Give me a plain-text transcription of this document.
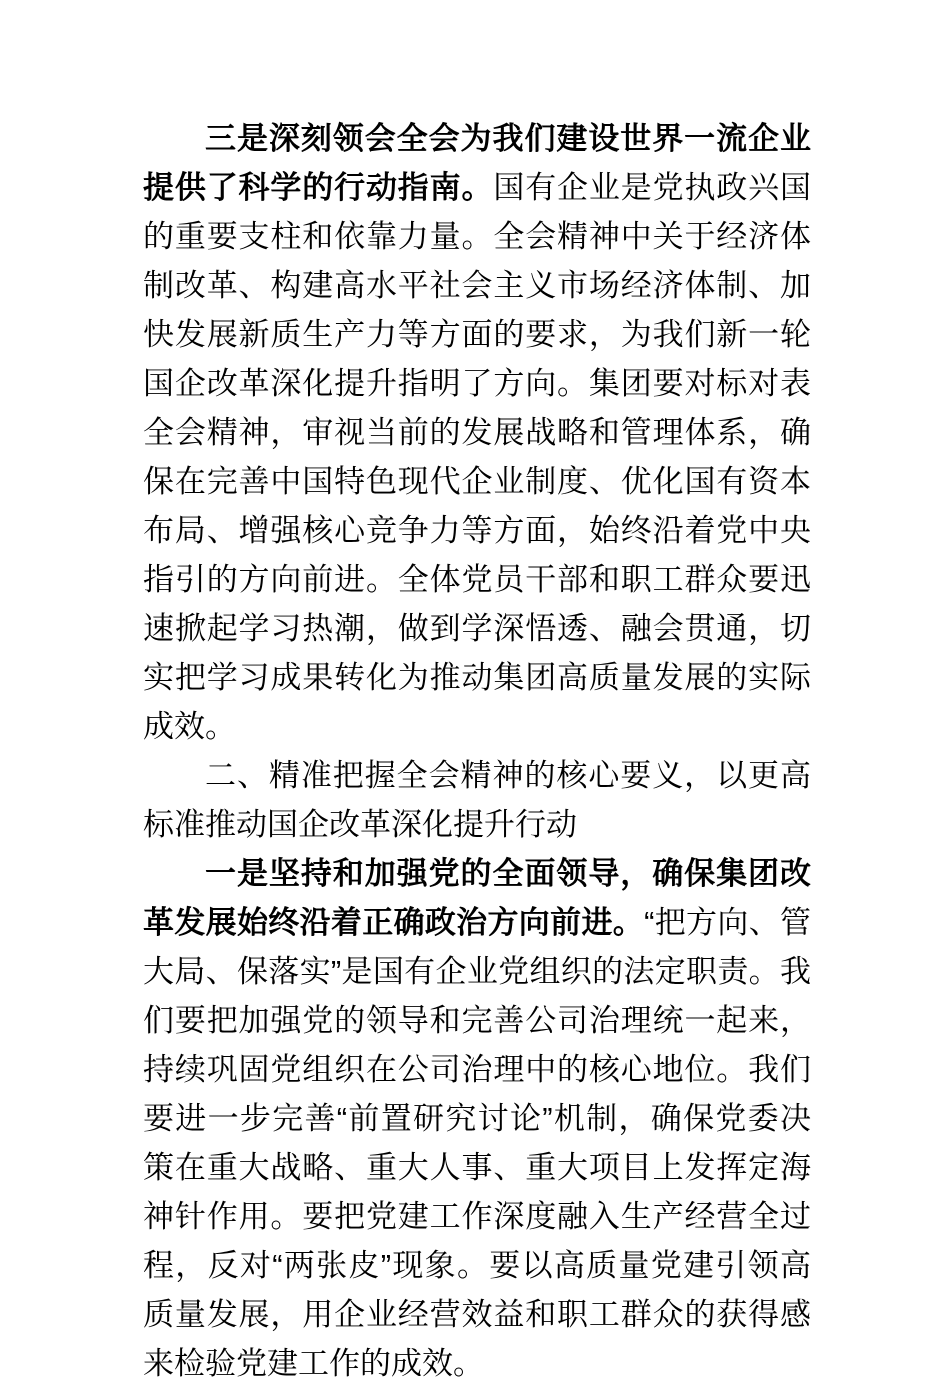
三是深刻领会全会为我们建设世界一流企业提供了科学的行动指南。国有企业是党执政兴国的重要支柱和依靠力量。全会精神中关于经济体制改革、构建高水平社会主义市场经济体制、加快发展新质生产力等方面的要求，为我们新一轮国企改革深化提升指明了方向。集团要对标对表全会精神，审视当前的发展战略和管理体系，确保在完善中国特色现代企业制度、优化国有资本布局、增强核心竞争力等方面，始终沿着党中央指引的方向前进。全体党员干部和职工群众要迅速掀起学习热潮，做到学深悟透、融会贯通，切实把学习成果转化为推动集团高质量发展的实际成效。

二、精准把握全会精神的核心要义，以更高标准推动国企改革深化提升行动

一是坚持和加强党的全面领导，确保集团改革发展始终沿着正确政治方向前进。“把方向、管大局、保落实”是国有企业党组织的法定职责。我们要把加强党的领导和完善公司治理统一起来，持续巩固党组织在公司治理中的核心地位。我们要进一步完善“前置研究讨论”机制，确保党委决策在重大战略、重大人事、重大项目上发挥定海神针作用。要把党建工作深度融入生产经营全过程，反对“两张皮”现象。要以高质量党建引领高质量发展，用企业经营效益和职工群众的获得感来检验党建工作的成效。
